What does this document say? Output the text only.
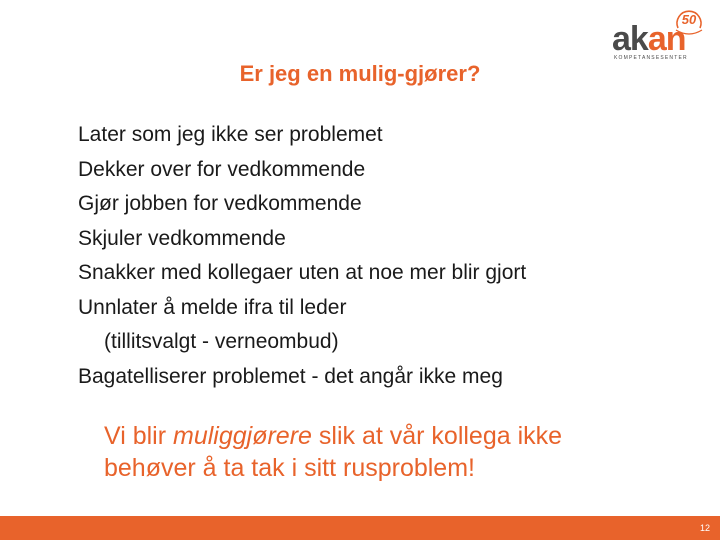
50
akan
KOMPETANSESENTER
Er jeg en mulig-gjører?
Later som jeg ikke ser problemet
Dekker over for vedkommende
Gjør jobben for vedkommende
Skjuler vedkommende
Snakker med kollegaer uten at noe mer blir gjort
Unnlater å melde ifra til leder
(tillitsvalgt - verneombud)
Bagatelliserer problemet - det angår ikke meg
Vi blir muliggjørere slik at vår kollega ikke
behøver å ta tak i sitt rusproblem!
12
